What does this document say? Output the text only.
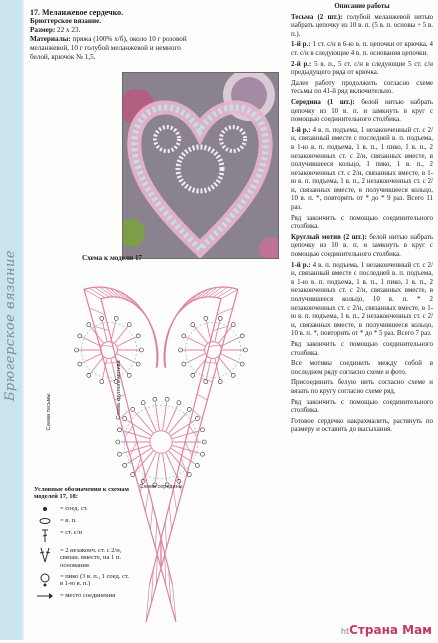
Брюгерское вязание
17. Меланжевое сердечко.
Брюггерское вязание.
Размер: 22 х 23.
Материалы: пряжа (100% х/б), около 10 г розовой меланжевой, 10 г голубой меланжевой и немного белой, крючок № 1,5.

Описание работы

Тесьма (2 шт.): голубой меланжевой нитью набрать цепочку из 10 в. п. (5 в. п. основы + 5 в. п.).

1-й р.: 1 ст. с/н в 6-ю в. п. цепочки от крючка, 4 ст. с/н в следующие 4 в. п. основания цепочки.

2-й р.: 5 в. п., 5 ст. с/н в следующие 5 ст. с/н предыдущего ряда от крючка.

Далее работу продолжить согласно схеме тесьмы по 41-й ряд включительно.

Середина (1 шт.): белой нитью набрать цепочку из 10 в. п. и замкнуть в круг с помощью соединительного столбика.

1-й р.: 4 в. п. подъема, 1 незаконченный ст. с 2/н, связанный вместе с последней в. п. подъема, в 1-ю в. п. подъема, 1 в. п., 1 пико, 1 в. п., 2 незаконченных ст. с 2/н, связанных вместе, в получившееся кольцо, 1 пико, 1 в. п., 2 незаконченных ст. с 2/н, связанных вместе, в 1-ю в. п. подъема, 1 в. п., 2 незаконченных ст. с 2/н, связанных вместе, в получившееся кольцо, 10 в. п. *, повторить от * до * 9 раз. Всего 11 раз.

Ряд закончить с помощью соединительного столбика.

Круглый мотив (2 шт.): белой нитью набрать цепочку из 10 в. п. и замкнуть в круг с помощью соединительного столбика.

1-й р.: 4 в. п. подъема, 1 незаконченный ст. с 2/н, связанный вместе с последней в. п. подъема, в 1-ю в. п. подъема, 1 в. п., 1 пико, 1 в. п., 2 незаконченных ст. с 2/н, связанных вместе, в получившееся кольцо, 10 в. п. * 2 незаконченных ст. с 2/н, связанных вместе, в 1-ю в. п. подъема, 1 в. п., 2 незаконченных ст. с 2/н, связанных вместе, в получившееся кольцо, 10 в. п. *, повторить от * до * 5 раз. Всего 7 раз.

Ряд закончить с помощью соединительного столбика.

Все мотивы соединить между собой в последнем ряду согласно схеме и фото.

Присоединить белую нить согласно схеме и вязать по кругу согласно схеме ряд.

Ряд закончить с помощью соединительного столбика.

Готовое сердечко накрахмалить, растянуть по размеру и оставить до высыхания.

Схема к модели 17
Схема середины
Схема тесьмы	Схема круглого мотива
Условные обозначения к схемам моделей 17, 18:
= соед. ст.
= в. п.
= ст. с/н
= 2 незаконч. ст. с 2/н, связан. вместе, на 1 п. основания
= пико (3 в. п., 1 соед. ст. в 1-ю в. п.)
= место соединения
htСтрана Мам
